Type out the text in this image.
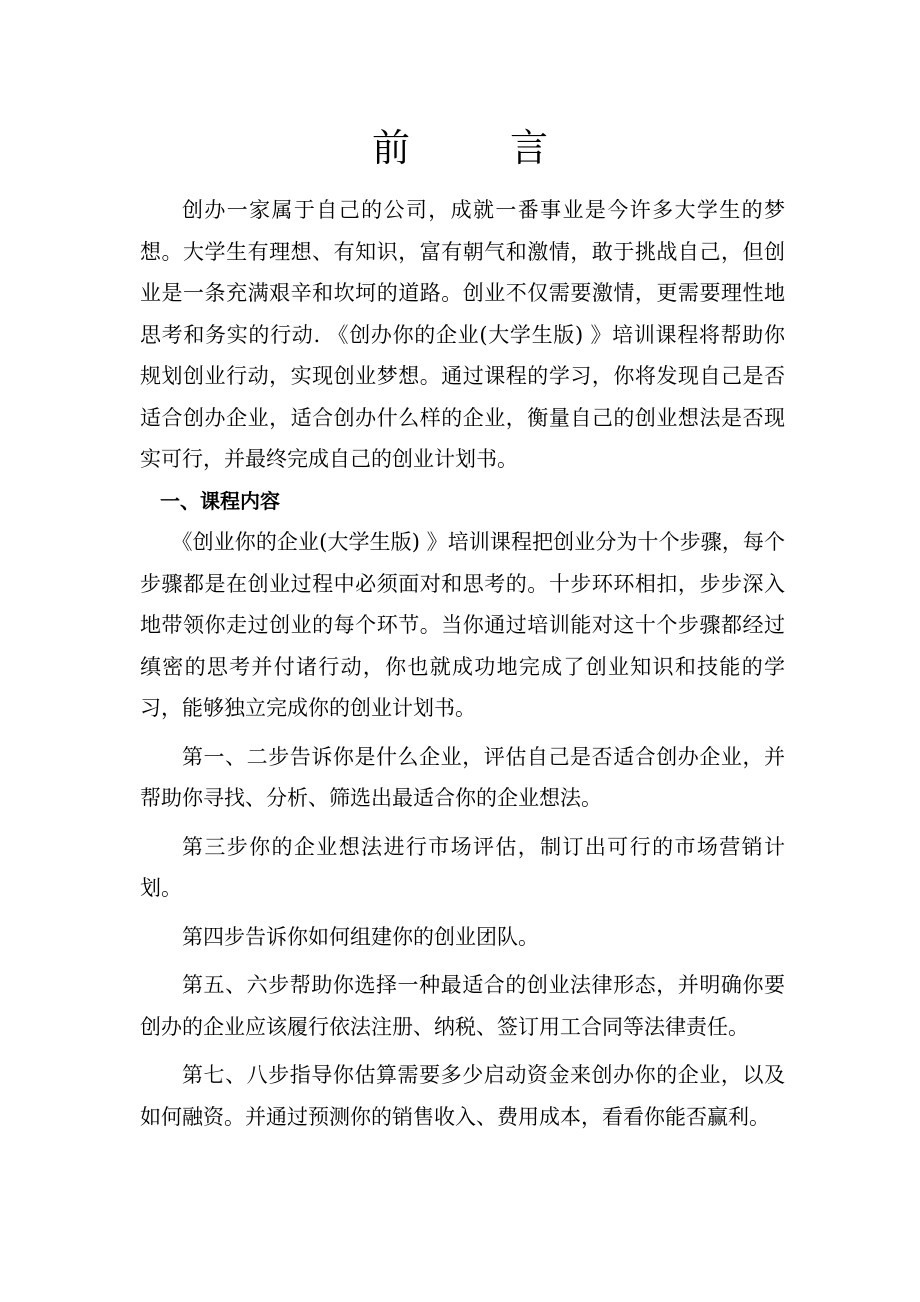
前	言

创办一家属于自己的公司，成就一番事业是今许多大学生的梦想。大学生有理想、有知识，富有朝气和激情，敢于挑战自己，但创业是一条充满艰辛和坎坷的道路。创业不仅需要激情，更需要理性地思考和务实的行动. 《创办你的企业(大学生版) 》培训课程将帮助你规划创业行动，实现创业梦想。通过课程的学习，你将发现自己是否适合创办企业，适合创办什么样的企业，衡量自己的创业想法是否现实可行，并最终完成自己的创业计划书。

一、课程内容

《创业你的企业(大学生版) 》培训课程把创业分为十个步骤，每个步骤都是在创业过程中必须面对和思考的。十步环环相扣，步步深入地带领你走过创业的每个环节。当你通过培训能对这十个步骤都经过缜密的思考并付诸行动，你也就成功地完成了创业知识和技能的学习，能够独立完成你的创业计划书。

第一、二步告诉你是什么企业，评估自己是否适合创办企业，并帮助你寻找、分析、筛选出最适合你的企业想法。

第三步你的企业想法进行市场评估，制订出可行的市场营销计划。

第四步告诉你如何组建你的创业团队。

第五、六步帮助你选择一种最适合的创业法律形态，并明确你要创办的企业应该履行依法注册、纳税、签订用工合同等法律责任。

第七、八步指导你估算需要多少启动资金来创办你的企业，以及如何融资。并通过预测你的销售收入、费用成本，看看你能否赢利。
